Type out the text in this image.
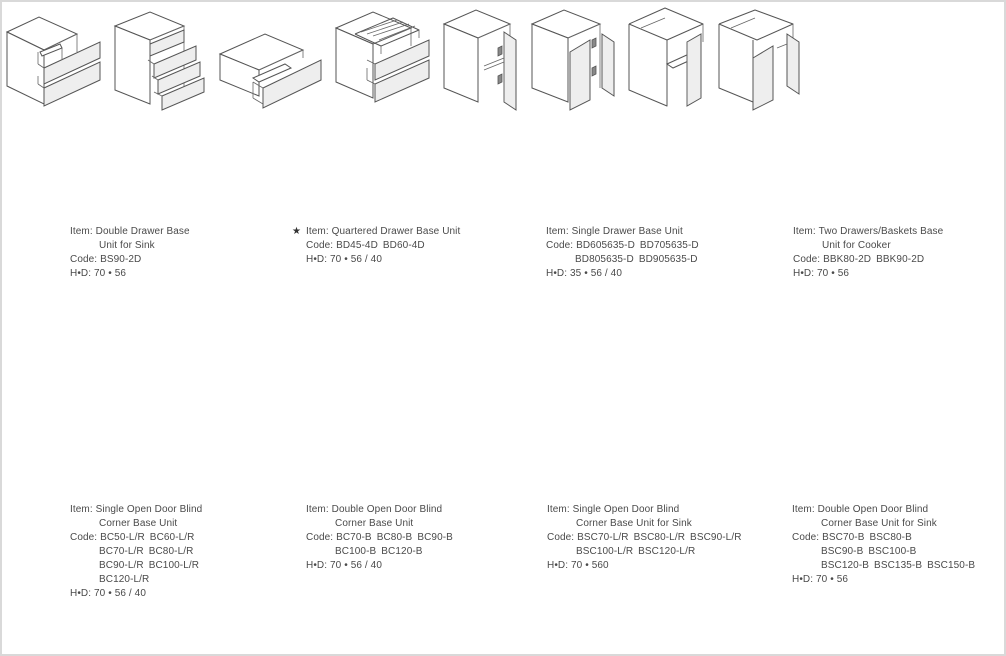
Item:
Double Drawer Base
Unit for Sink
Code:
BS90-2D
H•D:
70 • 56
★ Item:
Quartered Drawer Base Unit
Code:
BD45-4D BD60-4D
H•D:
70 • 56 / 40
Item:
Single Drawer Base Unit
Code:
BD605635-D BD705635-D
BD805635-D BD905635-D
H•D:
35 • 56 / 40
Item:
Two Drawers/Baskets Base
Unit for Cooker
Code:
BBK80-2D BBK90-2D
H•D:
70 • 56
Item:
Single Open Door Blind
Corner Base Unit
Code:
BC50-L/R BC60-L/R
BC70-L/R BC80-L/R
BC90-L/R BC100-L/R
BC120-L/R
H•D:
70 • 56 / 40
Item:
Double Open Door Blind
Corner Base Unit
Code:
BC70-B BC80-B BC90-B
BC100-B BC120-B
H•D:
70 • 56 / 40
Item:
Single Open Door Blind
Corner Base Unit for Sink
Code:
BSC70-L/R BSC80-L/R BSC90-L/R
BSC100-L/R BSC120-L/R
H•D:
70 • 560
Item:
Double Open Door Blind
Corner Base Unit for Sink
Code:
BSC70-B BSC80-B
BSC90-B BSC100-B
BSC120-B BSC135-B BSC150-B
H•D:
70 • 56
